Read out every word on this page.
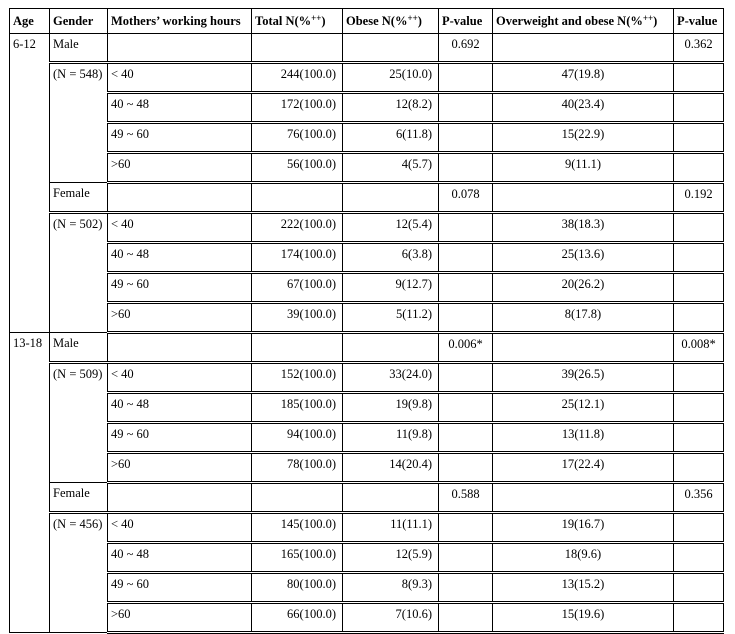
Age	Gender	Mothers’ working hours	Total N(%++)	Obese N(%++)	P-value	Overweight and obese N(%++)	P-value
6-12	Male				0.692		0.362
	(N = 548)	< 40	244(100.0)	25(10.0)		47(19.8)	
		40 ~ 48	172(100.0)	12(8.2)		40(23.4)	
		49 ~ 60	76(100.0)	6(11.8)		15(22.9)	
		>60	56(100.0)	4(5.7)		9(11.1)	
	Female				0.078		0.192
	(N = 502)	< 40	222(100.0)	12(5.4)		38(18.3)	
		40 ~ 48	174(100.0)	6(3.8)		25(13.6)	
		49 ~ 60	67(100.0)	9(12.7)		20(26.2)	
		>60	39(100.0)	5(11.2)		8(17.8)	
13-18	Male				0.006*		0.008*
	(N = 509)	< 40	152(100.0)	33(24.0)		39(26.5)	
		40 ~ 48	185(100.0)	19(9.8)		25(12.1)	
		49 ~ 60	94(100.0)	11(9.8)		13(11.8)	
		>60	78(100.0)	14(20.4)		17(22.4)	
	Female				0.588		0.356
	(N = 456)	< 40	145(100.0)	11(11.1)		19(16.7)	
		40 ~ 48	165(100.0)	12(5.9)		18(9.6)	
		49 ~ 60	80(100.0)	8(9.3)		13(15.2)	
		>60	66(100.0)	7(10.6)		15(19.6)	
